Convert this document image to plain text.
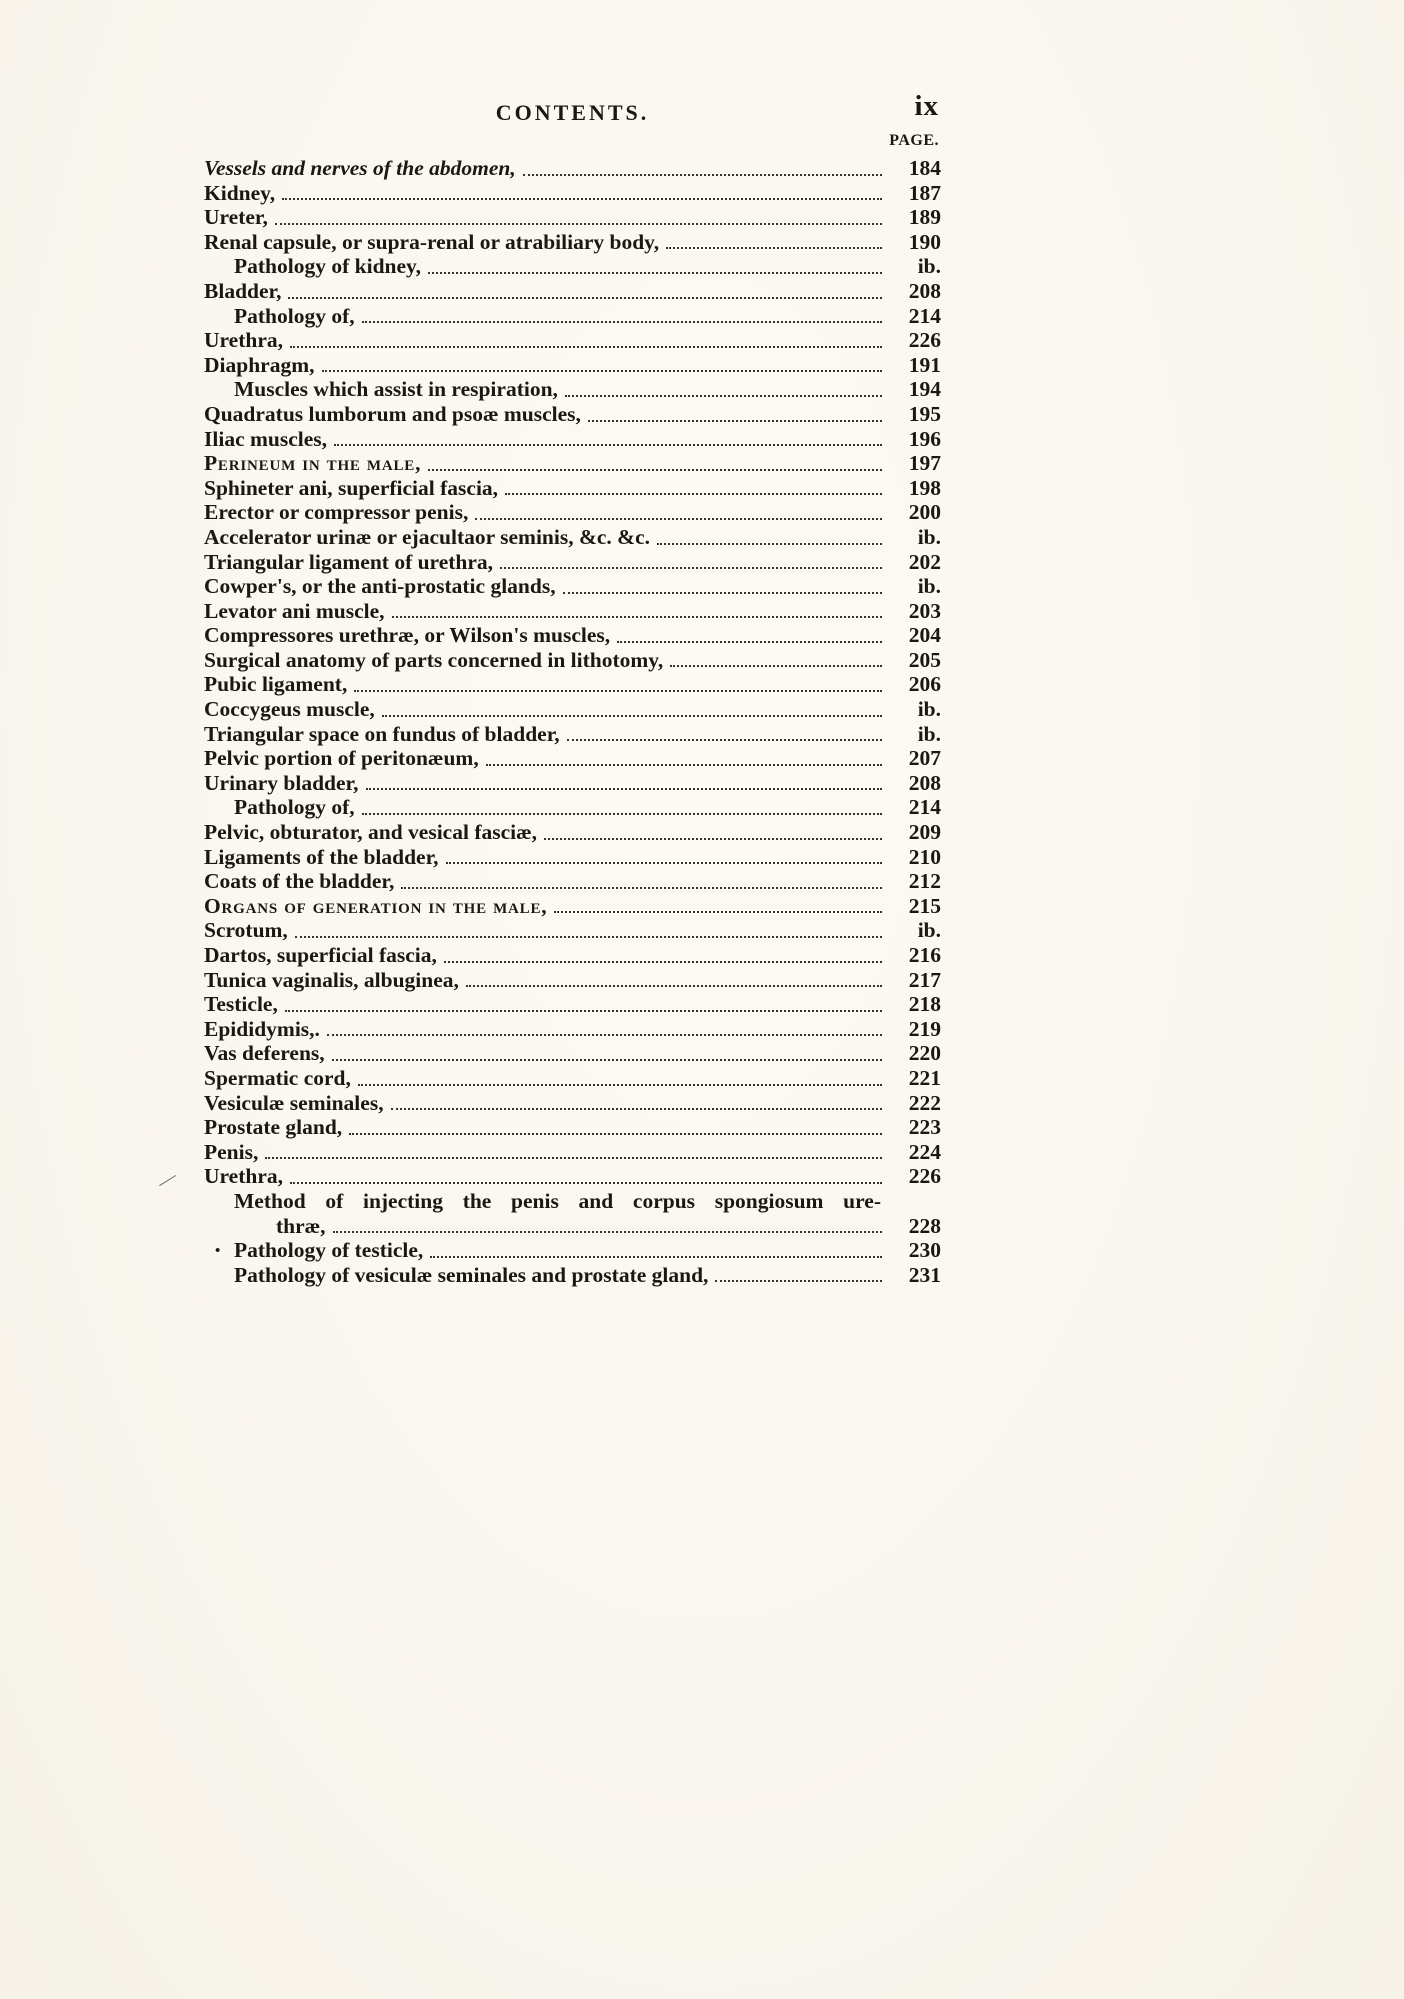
CONTENTS.	ix
PAGE.
Vessels and nerves of the abdomen,	184
Kidney,	187
Ureter,	189
Renal capsule, or supra-renal or atrabiliary body,	190
Pathology of kidney,	ib.
Bladder,	208
Pathology of,	214
Urethra,	226
Diaphragm,	191
Muscles which assist in respiration,	194
Quadratus lumborum and psoæ muscles,	195
Iliac muscles,	196
Perineum in the male,	197
Sphineter ani, superficial fascia,	198
Erector or compressor penis,	200
Accelerator urinæ or ejacultaor seminis, &c. &c.	ib.
Triangular ligament of urethra,	202
Cowper's, or the anti-prostatic glands,	ib.
Levator ani muscle,	203
Compressores urethræ, or Wilson's muscles,	204
Surgical anatomy of parts concerned in lithotomy,	205
Pubic ligament,	206
Coccygeus muscle,	ib.
Triangular space on fundus of bladder,	ib.
Pelvic portion of peritonæum,	207
Urinary bladder,	208
Pathology of,	214
Pelvic, obturator, and vesical fasciæ,	209
Ligaments of the bladder,	210
Coats of the bladder,	212
Organs of generation in the male,	215
Scrotum,	ib.
Dartos, superficial fascia,	216
Tunica vaginalis, albuginea,	217
Testicle,	218
Epididymis,.	219
Vas deferens,	220
Spermatic cord,	221
Vesiculæ seminales,	222
Prostate gland,	223
Penis,	224
— Urethra,	226
Method of injecting the penis and corpus spongiosum ure-
thræ,	228
• Pathology of testicle,	230
Pathology of vesiculæ seminales and prostate gland,	231
